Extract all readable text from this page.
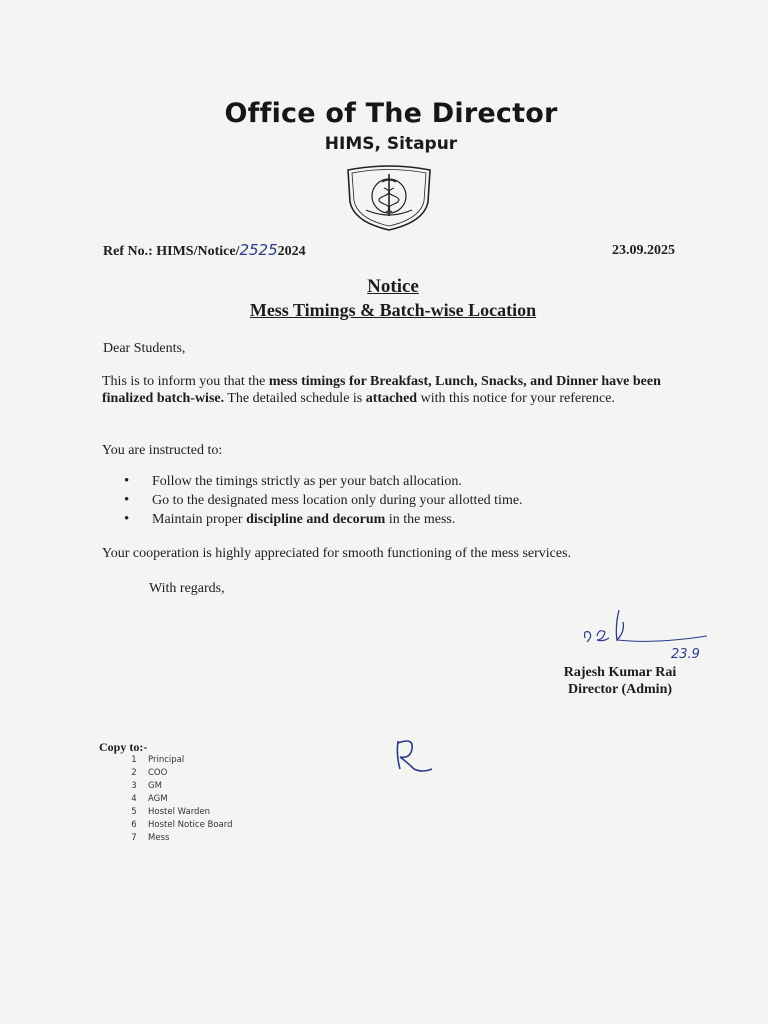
Office of The Director
HIMS, Sitapur
Ref No.: HIMS/Notice/25252024	23.09.2025
Notice
Mess Timings & Batch-wise Location
Dear Students,
This is to inform you that the mess timings for Breakfast, Lunch, Snacks, and Dinner have been finalized batch-wise. The detailed schedule is attached with this notice for your reference.
You are instructed to:
• Follow the timings strictly as per your batch allocation.
• Go to the designated mess location only during your allotted time.
• Maintain proper discipline and decorum in the mess.
Your cooperation is highly appreciated for smooth functioning of the mess services.
With regards,
23.9
Rajesh Kumar Rai
Director (Admin)
Copy to:-
1	Principal
2	COO
3	GM
4	AGM
5	Hostel Warden
6	Hostel Notice Board
7	Mess
